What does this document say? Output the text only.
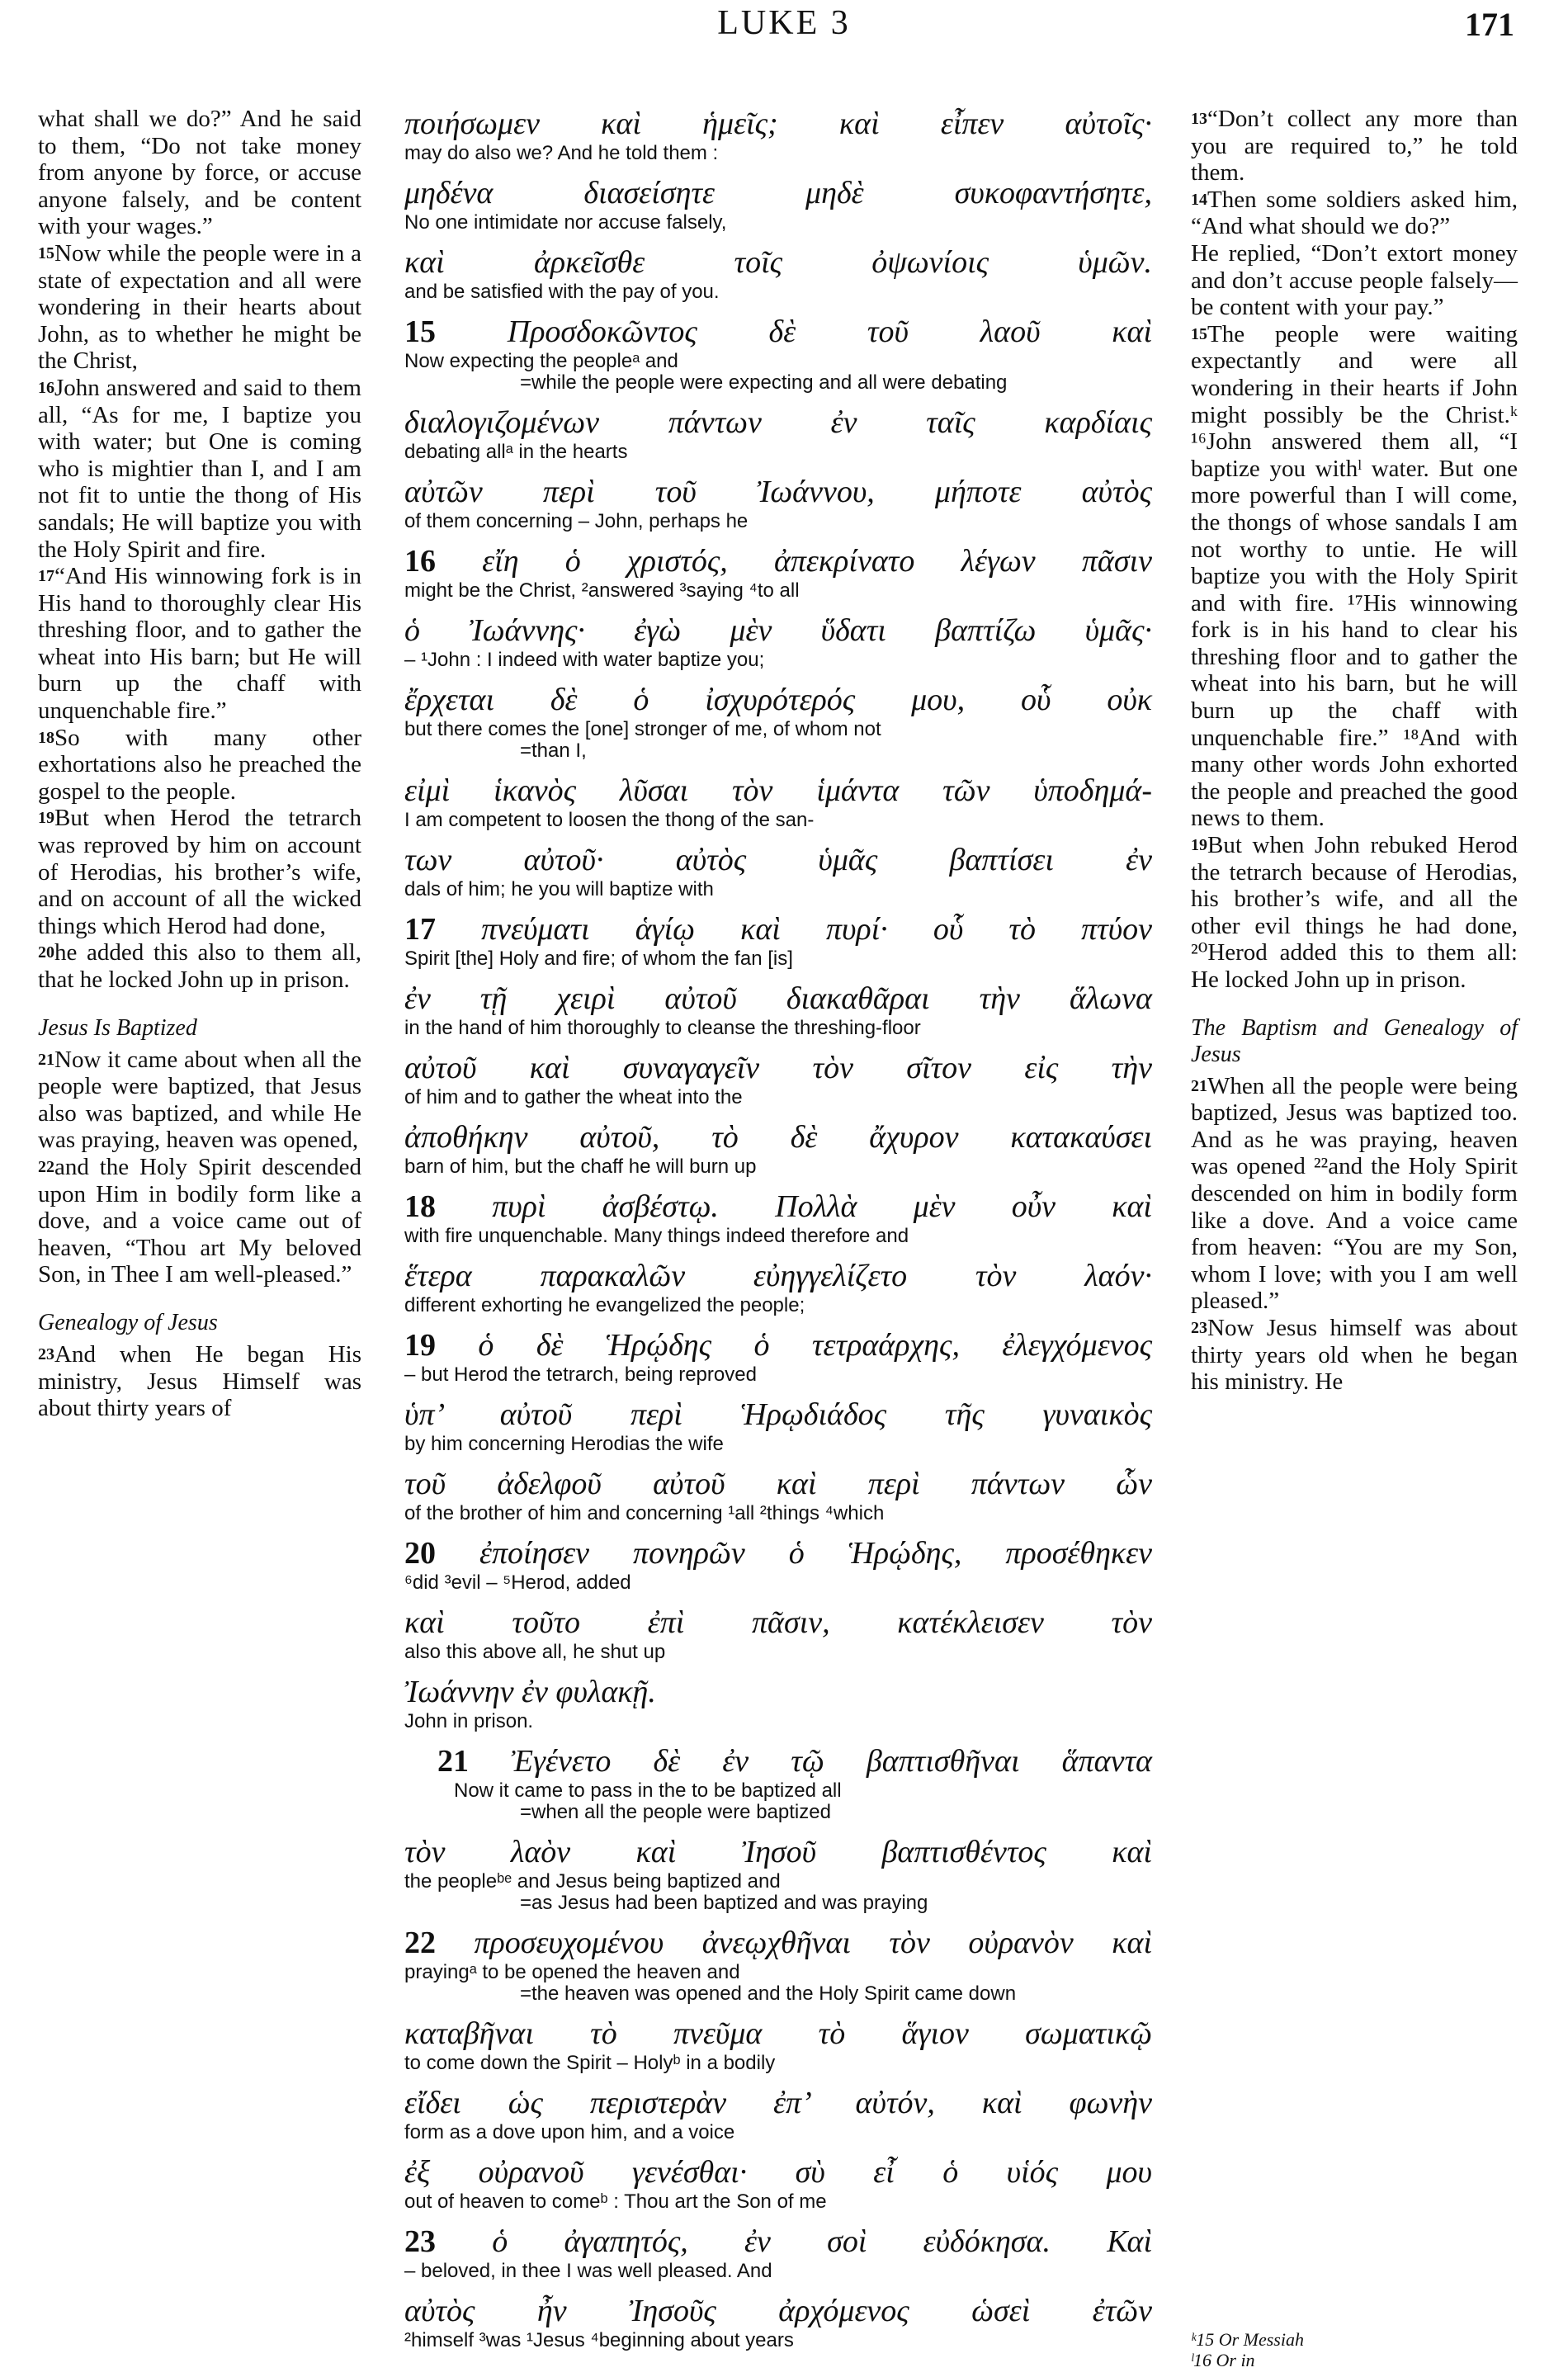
LUKE 3	171

what shall we do?” And he said to them, “Do not take money from anyone by force, or accuse anyone falsely, and be content with your wages.”

15Now while the people were in a state of expectation and all were wondering in their hearts about John, as to whether he might be the Christ,

16John answered and said to them all, “As for me, I baptize you with water; but One is coming who is mightier than I, and I am not fit to untie the thong of His sandals; He will baptize you with the Holy Spirit and fire.

17“And His winnowing fork is in His hand to thoroughly clear His threshing floor, and to gather the wheat into His barn; but He will burn up the chaff with unquenchable fire.”

18So with many other exhortations also he preached the gospel to the people.

19But when Herod the tetrarch was reproved by him on account of Herodias, his brother’s wife, and on account of all the wicked things which Herod had done,

20he added this also to them all, that he locked John up in prison.

Jesus Is Baptized

21Now it came about when all the people were baptized, that Jesus also was baptized, and while He was praying, heaven was opened,

22and the Holy Spirit descended upon Him in bodily form like a dove, and a voice came out of heaven, “Thou art My beloved Son, in Thee I am well-pleased.”

Genealogy of Jesus

23And when He began His ministry, Jesus Himself was about thirty years of

ποιήσωμεν καὶ ἡμεῖς; καὶ εἶπεν αὐτοῖς·
may do also we? And he told them :
μηδένα διασείσητε μηδὲ συκοφαντήσητε,
No one intimidate nor accuse falsely,
καὶ ἀρκεῖσθε τοῖς ὀψωνίοις ὑμῶν.
and be satisfied with the pay of you.
15 Προσδοκῶντος δὲ τοῦ λαοῦ καὶ
Now expecting the peopleᵃ and
=while the people were expecting and all were debating
διαλογιζομένων πάντων ἐν ταῖς καρδίαις
debating allᵃ in the hearts
αὐτῶν περὶ τοῦ Ἰωάννου, μήποτε αὐτὸς
of them concerning – John, perhaps he
16 εἴη ὁ χριστός, ἀπεκρίνατο λέγων πᾶσιν
might be the Christ, ²answered ³saying ⁴to all
ὁ Ἰωάννης· ἐγὼ μὲν ὕδατι βαπτίζω ὑμᾶς·
– ¹John : I indeed with water baptize you;
ἔρχεται δὲ ὁ ἰσχυρότερός μου, οὗ οὐκ
but there comes the [one] stronger of me, of whom not
=than I,
εἰμὶ ἱκανὸς λῦσαι τὸν ἱμάντα τῶν ὑποδημά-
I am competent to loosen the thong of the san-
των αὐτοῦ· αὐτὸς ὑμᾶς βαπτίσει ἐν
dals of him; he you will baptize with
17 πνεύματι ἁγίῳ καὶ πυρί· οὗ τὸ πτύον
Spirit [the] Holy and fire; of whom the fan [is]
ἐν τῇ χειρὶ αὐτοῦ διακαθᾶραι τὴν ἅλωνα
in the hand of him thoroughly to cleanse the threshing-floor
αὐτοῦ καὶ συναγαγεῖν τὸν σῖτον εἰς τὴν
of him and to gather the wheat into the
ἀποθήκην αὐτοῦ, τὸ δὲ ἄχυρον κατακαύσει
barn of him, but the chaff he will burn up
18 πυρὶ ἀσβέστῳ. Πολλὰ μὲν οὖν καὶ
with fire unquenchable. Many things indeed therefore and
ἕτερα παρακαλῶν εὐηγγελίζετο τὸν λαόν·
different exhorting he evangelized the people;
19 ὁ δὲ Ἡρῴδης ὁ τετραάρχης, ἐλεγχόμενος
– but Herod the tetrarch, being reproved
ὑπ’ αὐτοῦ περὶ Ἡρῳδιάδος τῆς γυναικὸς
by him concerning Herodias the wife
τοῦ ἀδελφοῦ αὐτοῦ καὶ περὶ πάντων ὧν
of the brother of him and concerning ¹all ²things ⁴which
20 ἐποίησεν πονηρῶν ὁ Ἡρῴδης, προσέθηκεν
⁶did ³evil – ⁵Herod, added
καὶ τοῦτο ἐπὶ πᾶσιν, κατέκλεισεν τὸν
also this above all, he shut up
Ἰωάννην ἐν φυλακῇ.
John in prison.
21 Ἐγένετο δὲ ἐν τῷ βαπτισθῆναι ἅπαντα
Now it came to pass in the to be baptized all
=when all the people were baptized
τὸν λαὸν καὶ Ἰησοῦ βαπτισθέντος καὶ
the peopleᵇᵉ and Jesus being baptized and
=as Jesus had been baptized and was praying
22 προσευχομένου ἀνεῳχθῆναι τὸν οὐρανὸν καὶ
prayingᵃ to be opened the heaven and
=the heaven was opened and the Holy Spirit came down
καταβῆναι τὸ πνεῦμα τὸ ἅγιον σωματικῷ
to come down the Spirit – Holyᵇ in a bodily
εἴδει ὡς περιστερὰν ἐπ’ αὐτόν, καὶ φωνὴν
form as a dove upon him, and a voice
ἐξ οὐρανοῦ γενέσθαι· σὺ εἶ ὁ υἱός μου
out of heaven to comeᵇ : Thou art the Son of me
23 ὁ ἀγαπητός, ἐν σοὶ εὐδόκησα. Καὶ
– beloved, in thee I was well pleased. And
αὐτὸς ἦν Ἰησοῦς ἀρχόμενος ὡσεὶ ἐτῶν
²himself ³was ¹Jesus ⁴beginning about years

13“Don’t collect any more than you are required to,” he told them.

14Then some soldiers asked him, “And what should we do?”

He replied, “Don’t extort money and don’t accuse people falsely—be content with your pay.”

15The people were waiting expectantly and were all wondering in their hearts if John might possibly be the Christ.ᵏ ¹⁶John answered them all, “I baptize you withˡ water. But one more powerful than I will come, the thongs of whose sandals I am not worthy to untie. He will baptize you with the Holy Spirit and with fire. ¹⁷His winnowing fork is in his hand to clear his threshing floor and to gather the wheat into his barn, but he will burn up the chaff with unquenchable fire.” ¹⁸And with many other words John exhorted the people and preached the good news to them.

19But when John rebuked Herod the tetrarch because of Herodias, his brother’s wife, and all the other evil things he had done, ²⁰Herod added this to them all: He locked John up in prison.

The Baptism and Genealogy of Jesus

21When all the people were being baptized, Jesus was baptized too. And as he was praying, heaven was opened ²²and the Holy Spirit descended on him in bodily form like a dove. And a voice came from heaven: “You are my Son, whom I love; with you I am well pleased.”

23Now Jesus himself was about thirty years old when he began his ministry. He

ᵏ15 Or Messiah
ˡ16 Or in
